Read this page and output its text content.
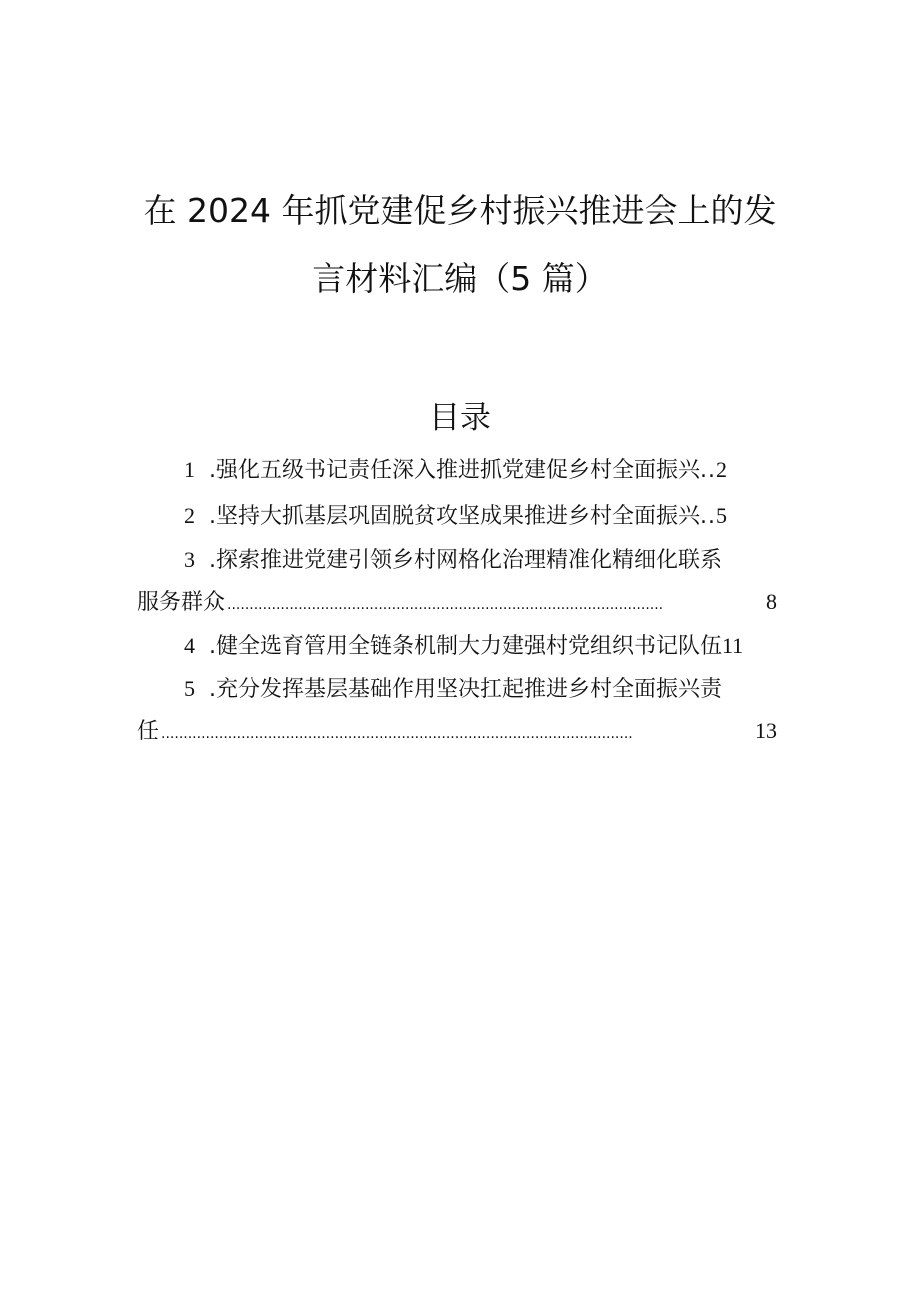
在 2024 年抓党建促乡村振兴推进会上的发
言材料汇编（5 篇）
目录
1 .强化五级书记责任深入推进抓党建促乡村全面振兴 .. 2
2 .坚持大抓基层巩固脱贫攻坚成果推进乡村全面振兴 .. 5
3 .探索推进党建引领乡村网格化治理精准化精细化联系
服务群众 ..................................................................................................	8
4 .健全选育管用全链条机制大力建强村党组织书记队伍 11
5 .充分发挥基层基础作用坚决扛起推进乡村全面振兴责
任 ..........................................................................................................	13
